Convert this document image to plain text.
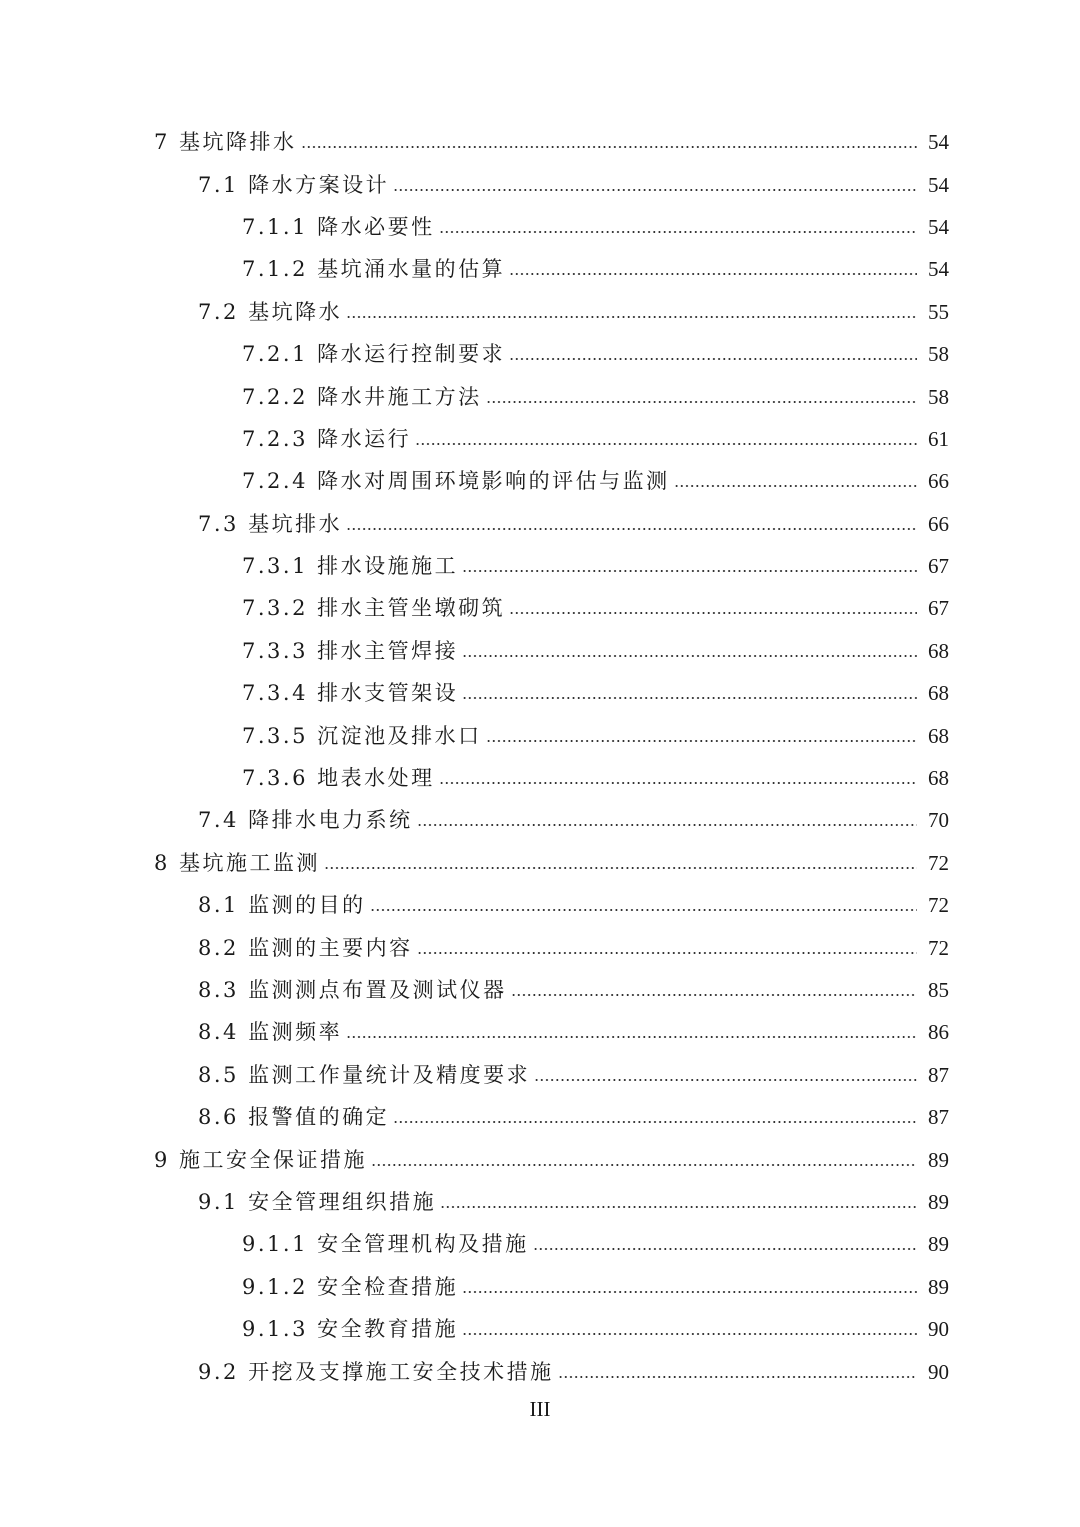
7 基坑降排水	54
7.1 降水方案设计	54
7.1.1 降水必要性	54
7.1.2 基坑涌水量的估算	54
7.2 基坑降水	55
7.2.1 降水运行控制要求	58
7.2.2 降水井施工方法	58
7.2.3 降水运行	61
7.2.4 降水对周围环境影响的评估与监测	66
7.3 基坑排水	66
7.3.1 排水设施施工	67
7.3.2 排水主管坐墩砌筑	67
7.3.3 排水主管焊接	68
7.3.4 排水支管架设	68
7.3.5 沉淀池及排水口	68
7.3.6 地表水处理	68
7.4 降排水电力系统	70
8 基坑施工监测	72
8.1 监测的目的	72
8.2 监测的主要内容	72
8.3 监测测点布置及测试仪器	85
8.4 监测频率	86
8.5 监测工作量统计及精度要求	87
8.6 报警值的确定	87
9 施工安全保证措施	89
9.1 安全管理组织措施	89
9.1.1 安全管理机构及措施	89
9.1.2 安全检查措施	89
9.1.3 安全教育措施	90
9.2 开挖及支撑施工安全技术措施	90
III
